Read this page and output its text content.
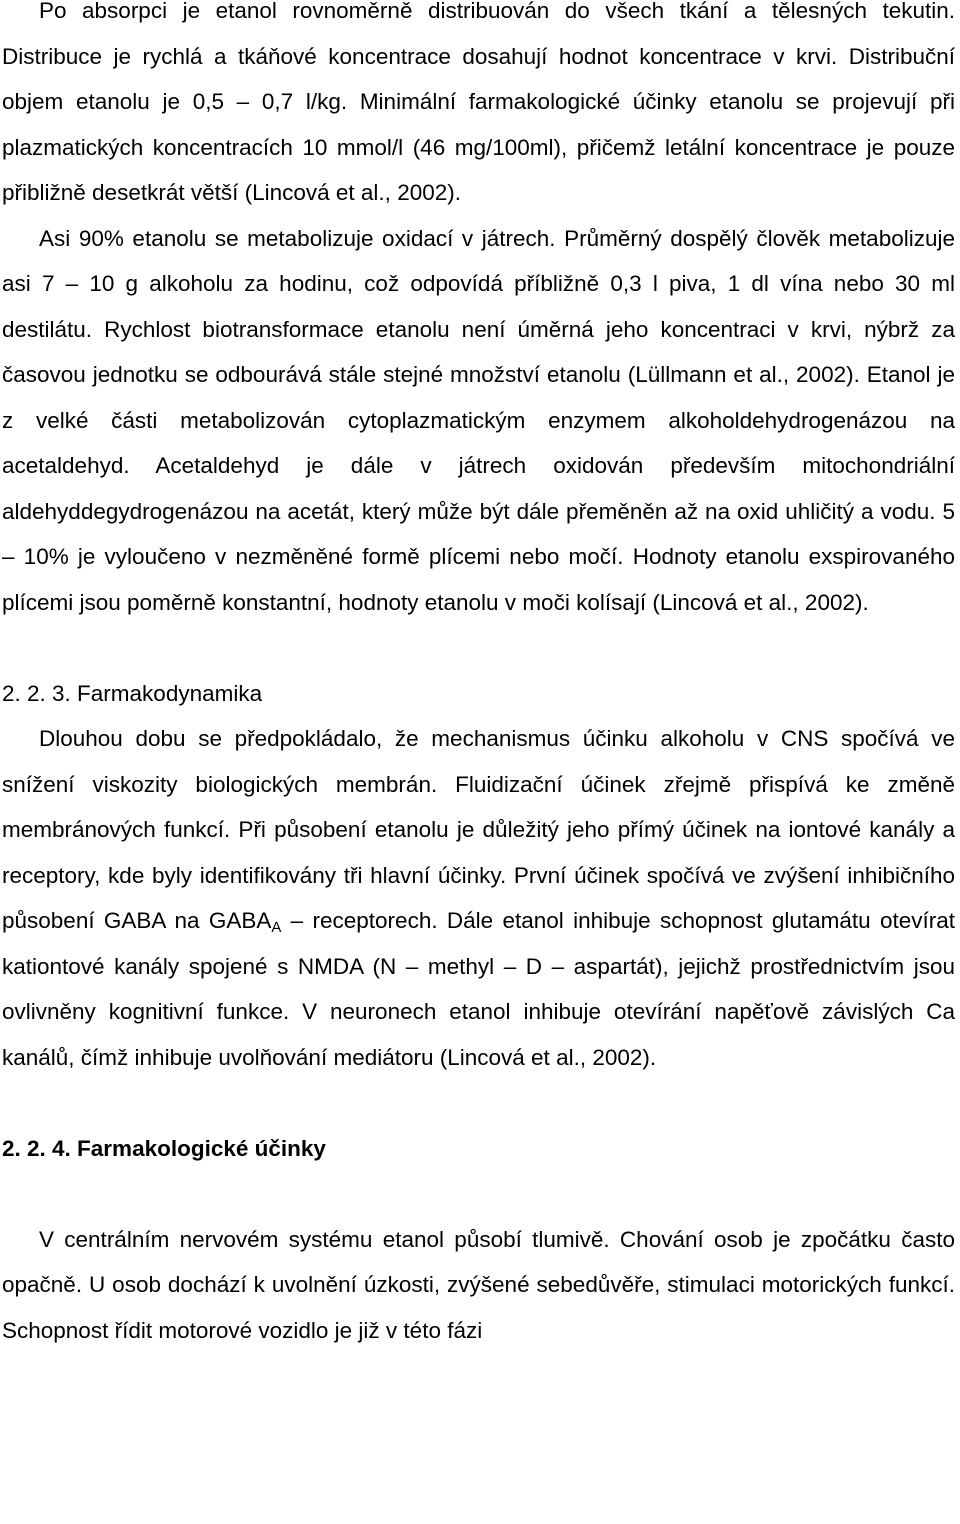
Po absorpci je etanol rovnoměrně distribuován do všech tkání a tělesných tekutin. Distribuce je rychlá a tkáňové koncentrace dosahují hodnot koncentrace v krvi. Distribuční objem etanolu je 0,5 – 0,7 l/kg. Minimální farmakologické účinky etanolu se projevují při plazmatických koncentracích 10 mmol/l (46 mg/100ml), přičemž letální koncentrace je pouze přibližně desetkrát větší (Lincová et al., 2002).

Asi 90% etanolu se metabolizuje oxidací v játrech. Průměrný dospělý člověk metabolizuje asi 7 – 10 g alkoholu za hodinu, což odpovídá příbližně 0,3 l piva, 1 dl vína nebo 30 ml destilátu. Rychlost biotransformace etanolu není úměrná jeho koncentraci v krvi, nýbrž za časovou jednotku se odbourává stále stejné množství etanolu (Lüllmann et al., 2002). Etanol je z velké části metabolizován cytoplazmatickým enzymem alkoholdehydrogenázou na acetaldehyd. Acetaldehyd je dále v játrech oxidován především mitochondriální aldehyddegydrogenázou na acetát, který může být dále přeměněn až na oxid uhličitý a vodu. 5 – 10% je vyloučeno v nezměněné formě plícemi nebo močí. Hodnoty etanolu exspirovaného plícemi jsou poměrně konstantní, hodnoty etanolu v moči kolísají (Lincová et al., 2002).

2. 2. 3. Farmakodynamika

Dlouhou dobu se předpokládalo, že mechanismus účinku alkoholu v CNS spočívá ve snížení viskozity biologických membrán. Fluidizační účinek zřejmě přispívá ke změně membránových funkcí. Při působení etanolu je důležitý jeho přímý účinek na iontové kanály a receptory, kde byly identifikovány tři hlavní účinky. První účinek spočívá ve zvýšení inhibičního působení GABA na $GABA_A$ – receptorech. Dále etanol inhibuje schopnost glutamátu otevírat kationtové kanály spojené s NMDA (N – methyl – D – aspartát), jejichž prostřednictvím jsou ovlivněny kognitivní funkce. V neuronech etanol inhibuje otevírání napěťově závislých Ca kanálů, čímž inhibuje uvolňování mediátoru (Lincová et al., 2002).

2. 2. 4. Farmakologické účinky

V centrálním nervovém systému etanol působí tlumivě. Chování osob je zpočátku často opačně. U osob dochází k uvolnění úzkosti, zvýšené sebedůvěře, stimulaci motorických funkcí. Schopnost řídit motorové vozidlo je již v této fázi
